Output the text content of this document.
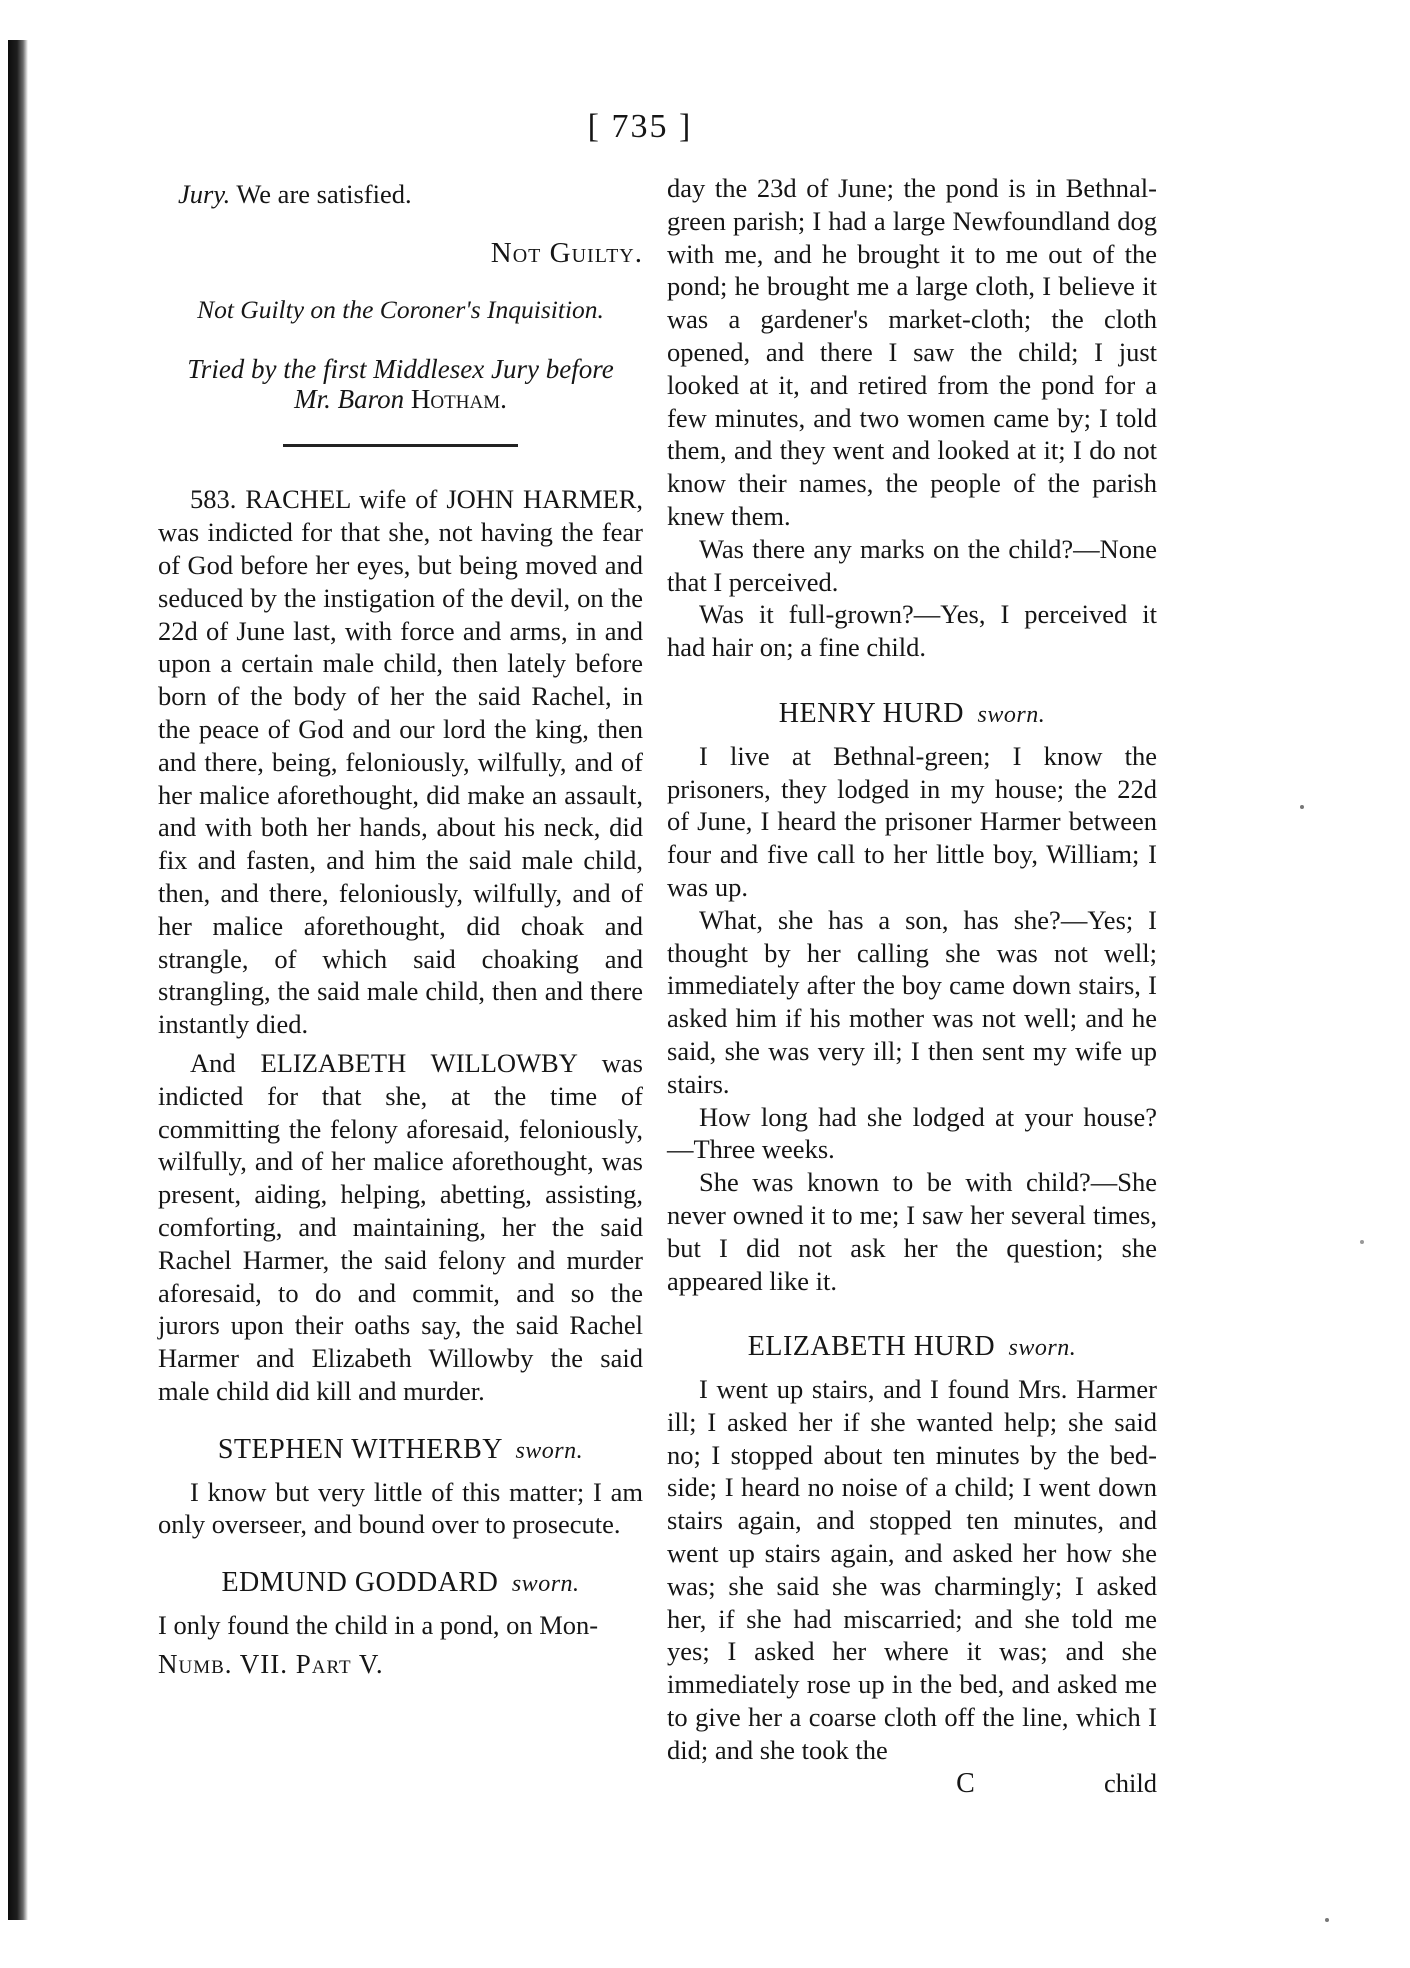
[ 735 ]

Jury. We are satisfied.

Not Guilty.
Not Guilty on the Coroner's Inquisition.
Tried by the first Middlesex Jury before
Mr. Baron Hotham.

583. RACHEL wife of JOHN HARMER, was indicted for that she, not having the fear of God before her eyes, but being moved and seduced by the instigation of the devil, on the 22d of June last, with force and arms, in and upon a certain male child, then lately before born of the body of her the said Rachel, in the peace of God and our lord the king, then and there, being, feloniously, wilfully, and of her malice aforethought, did make an assault, and with both her hands, about his neck, did fix and fasten, and him the said male child, then, and there, feloniously, wilfully, and of her malice aforethought, did choak and strangle, of which said choaking and strangling, the said male child, then and there instantly died.

And ELIZABETH WILLOWBY was indicted for that she, at the time of committing the felony aforesaid, feloniously, wilfully, and of her malice aforethought, was present, aiding, helping, abetting, assisting, comforting, and maintaining, her the said Rachel Harmer, the said felony and murder aforesaid, to do and commit, and so the jurors upon their oaths say, the said Rachel Harmer and Elizabeth Willowby the said male child did kill and murder.

STEPHEN WITHERBY sworn.

I know but very little of this matter; I am only overseer, and bound over to prosecute.

EDMUND GODDARD sworn.

I only found the child in a pond, on Mon-

Numb. VII. Part V.

day the 23d of June; the pond is in Bethnal-green parish; I had a large Newfoundland dog with me, and he brought it to me out of the pond; he brought me a large cloth, I believe it was a gardener's market-cloth; the cloth opened, and there I saw the child; I just looked at it, and retired from the pond for a few minutes, and two women came by; I told them, and they went and looked at it; I do not know their names, the people of the parish knew them.

Was there any marks on the child?—None that I perceived.

Was it full-grown?—Yes, I perceived it had hair on; a fine child.

HENRY HURD sworn.

I live at Bethnal-green; I know the prisoners, they lodged in my house; the 22d of June, I heard the prisoner Harmer between four and five call to her little boy, William; I was up.

What, she has a son, has she?—Yes; I thought by her calling she was not well; immediately after the boy came down stairs, I asked him if his mother was not well; and he said, she was very ill; I then sent my wife up stairs.

How long had she lodged at your house?—Three weeks.

She was known to be with child?—She never owned it to me; I saw her several times, but I did not ask her the question; she appeared like it.

ELIZABETH HURD sworn.

I went up stairs, and I found Mrs. Harmer ill; I asked her if she wanted help; she said no; I stopped about ten minutes by the bed-side; I heard no noise of a child; I went down stairs again, and stopped ten minutes, and went up stairs again, and asked her how she was; she said she was charmingly; I asked her, if she had miscarried; and she told me yes; I asked her where it was; and she immediately rose up in the bed, and asked me to give her a coarse cloth off the line, which I did; and she took the

C	child
